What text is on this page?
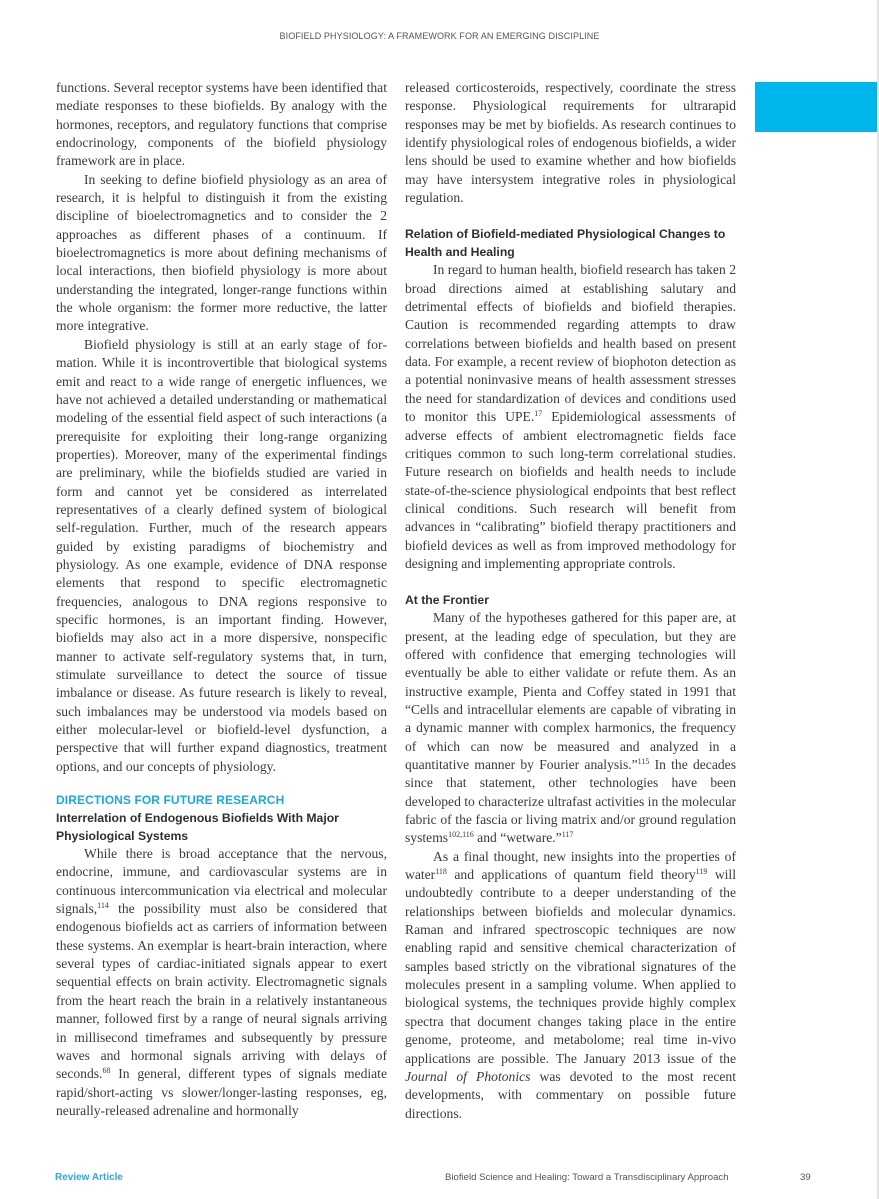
BIOFIELD PHYSIOLOGY: A FRAMEWORK FOR AN EMERGING DISCIPLINE

functions. Several receptor systems have been identified that mediate responses to these biofields. By analogy with the hormones, receptors, and regulatory functions that comprise endocrinology, components of the biofield physiology framework are in place.

In seeking to define biofield physiology as an area of research, it is helpful to distinguish it from the existing discipline of bioelectromagnetics and to consider the 2 approaches as different phases of a continuum. If bioelectromagnetics is more about defining mechanisms of local interactions, then biofield physiology is more about understanding the integrated, longer-range functions within the whole organism: the former more reductive, the latter more integrative.

Biofield physiology is still at an early stage of formation. While it is incontrovertible that biological systems emit and react to a wide range of energetic influences, we have not achieved a detailed understanding or mathematical modeling of the essential field aspect of such interactions (a prerequisite for exploiting their long-range organizing properties). Moreover, many of the experimental findings are preliminary, while the biofields studied are varied in form and cannot yet be considered as interrelated representatives of a clearly defined system of biological self-regulation. Further, much of the research appears guided by existing paradigms of biochemistry and physiology. As one example, evidence of DNA response elements that respond to specific electromagnetic frequencies, analogous to DNA regions responsive to specific hormones, is an important finding. However, biofields may also act in a more dispersive, nonspecific manner to activate self-regulatory systems that, in turn, stimulate surveillance to detect the source of tissue imbalance or disease. As future research is likely to reveal, such imbalances may be understood via models based on either molecular-level or biofield-level dysfunction, a perspective that will further expand diagnostics, treatment options, and our concepts of physiology.

DIRECTIONS FOR FUTURE RESEARCH
Interrelation of Endogenous Biofields With Major Physiological Systems

While there is broad acceptance that the nervous, endocrine, immune, and cardiovascular systems are in continuous intercommunication via electrical and molecular signals,$^{114}$ the possibility must also be considered that endogenous biofields act as carriers of information between these systems. An exemplar is heart-brain interaction, where several types of cardiac-initiated signals appear to exert sequential effects on brain activity. Electromagnetic signals from the heart reach the brain in a relatively instantaneous manner, followed first by a range of neural signals arriving in millisecond timeframes and subsequently by pressure waves and hormonal signals arriving with delays of seconds.$^{68}$ In general, different types of signals mediate rapid/short-acting vs slower/longer-lasting responses, eg, neurally-released adrenaline and hormonally

released corticosteroids, respectively, coordinate the stress response. Physiological requirements for ultrarapid responses may be met by biofields. As research continues to identify physiological roles of endogenous biofields, a wider lens should be used to examine whether and how biofields may have intersystem integrative roles in physiological regulation.

Relation of Biofield-mediated Physiological Changes to Health and Healing

In regard to human health, biofield research has taken 2 broad directions aimed at establishing salutary and detrimental effects of biofields and biofield therapies. Caution is recommended regarding attempts to draw correlations between biofields and health based on present data. For example, a recent review of biophoton detection as a potential noninvasive means of health assessment stresses the need for standardization of devices and conditions used to monitor this UPE.$^{17}$ Epidemiological assessments of adverse effects of ambient electromagnetic fields face critiques common to such long-term correlational studies. Future research on biofields and health needs to include state-of-the-science physiological endpoints that best reflect clinical conditions. Such research will benefit from advances in “calibrating” biofield therapy practitioners and biofield devices as well as from improved methodology for designing and implementing appropriate controls.

At the Frontier

Many of the hypotheses gathered for this paper are, at present, at the leading edge of speculation, but they are offered with confidence that emerging technologies will eventually be able to either validate or refute them. As an instructive example, Pienta and Coffey stated in 1991 that “Cells and intracellular elements are capable of vibrating in a dynamic manner with complex harmonics, the frequency of which can now be measured and analyzed in a quantitative manner by Fourier analysis.”$^{115}$ In the decades since that statement, other technologies have been developed to characterize ultrafast activities in the molecular fabric of the fascia or living matrix and/or ground regulation systems$^{102,116}$ and “wetware.”$^{117}$

As a final thought, new insights into the properties of water$^{118}$ and applications of quantum field theory$^{119}$ will undoubtedly contribute to a deeper understanding of the relationships between biofields and molecular dynamics. Raman and infrared spectroscopic techniques are now enabling rapid and sensitive chemical characterization of samples based strictly on the vibrational signatures of the molecules present in a sampling volume. When applied to biological systems, the techniques provide highly complex spectra that document changes taking place in the entire genome, proteome, and metabolome; real time in-vivo applications are possible. The January 2013 issue of the Journal of Photonics was devoted to the most recent developments, with commentary on possible future directions.

Review Article	Biofield Science and Healing: Toward a Transdisciplinary Approach	39
